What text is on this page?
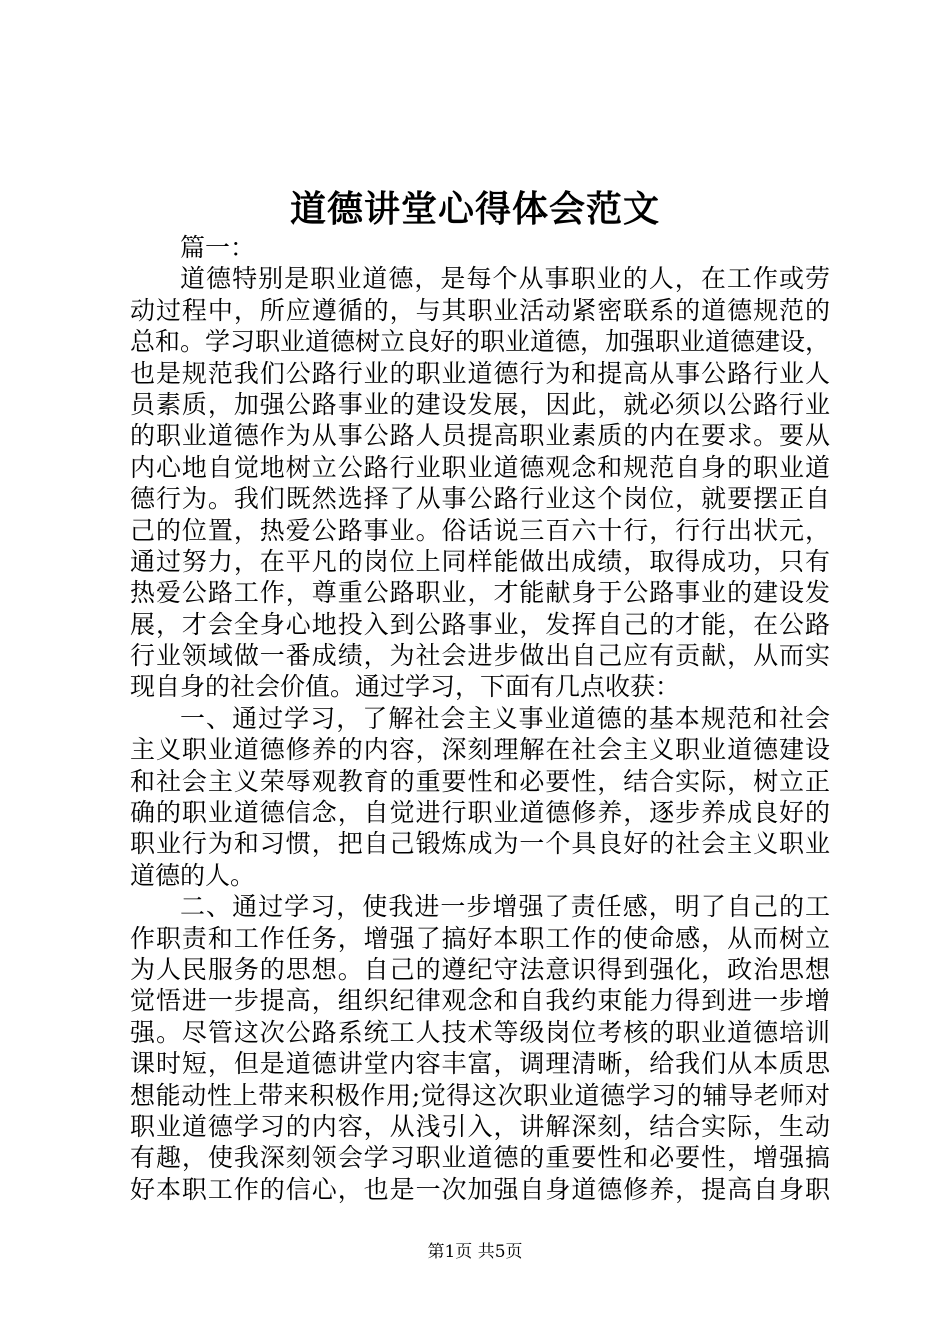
道德讲堂心得体会范文
篇一：
道德特别是职业道德，是每个从事职业的人，在工作或劳
动过程中，所应遵循的，与其职业活动紧密联系的道德规范的
总和。学习职业道德树立良好的职业道德，加强职业道德建设，
也是规范我们公路行业的职业道德行为和提高从事公路行业人
员素质，加强公路事业的建设发展，因此，就必须以公路行业
的职业道德作为从事公路人员提高职业素质的内在要求。要从
内心地自觉地树立公路行业职业道德观念和规范自身的职业道
德行为。我们既然选择了从事公路行业这个岗位，就要摆正自
己的位置，热爱公路事业。俗话说三百六十行，行行出状元，
通过努力，在平凡的岗位上同样能做出成绩，取得成功，只有
热爱公路工作，尊重公路职业，才能献身于公路事业的建设发
展，才会全身心地投入到公路事业，发挥自己的才能，在公路
行业领域做一番成绩，为社会进步做出自己应有贡献，从而实
现自身的社会价值。通过学习，下面有几点收获：
一、通过学习，了解社会主义事业道德的基本规范和社会
主义职业道德修养的内容，深刻理解在社会主义职业道德建设
和社会主义荣辱观教育的重要性和必要性，结合实际，树立正
确的职业道德信念，自觉进行职业道德修养，逐步养成良好的
职业行为和习惯，把自己锻炼成为一个具良好的社会主义职业
道德的人。
二、通过学习，使我进一步增强了责任感，明了自己的工
作职责和工作任务，增强了搞好本职工作的使命感，从而树立
为人民服务的思想。自己的遵纪守法意识得到强化，政治思想
觉悟进一步提高，组织纪律观念和自我约束能力得到进一步增
强。尽管这次公路系统工人技术等级岗位考核的职业道德培训
课时短，但是道德讲堂内容丰富，调理清晰，给我们从本质思
想能动性上带来积极作用;觉得这次职业道德学习的辅导老师对
职业道德学习的内容，从浅引入，讲解深刻，结合实际，生动
有趣，使我深刻领会学习职业道德的重要性和必要性，增强搞
好本职工作的信心，也是一次加强自身道德修养，提高自身职
第1页 共5页
